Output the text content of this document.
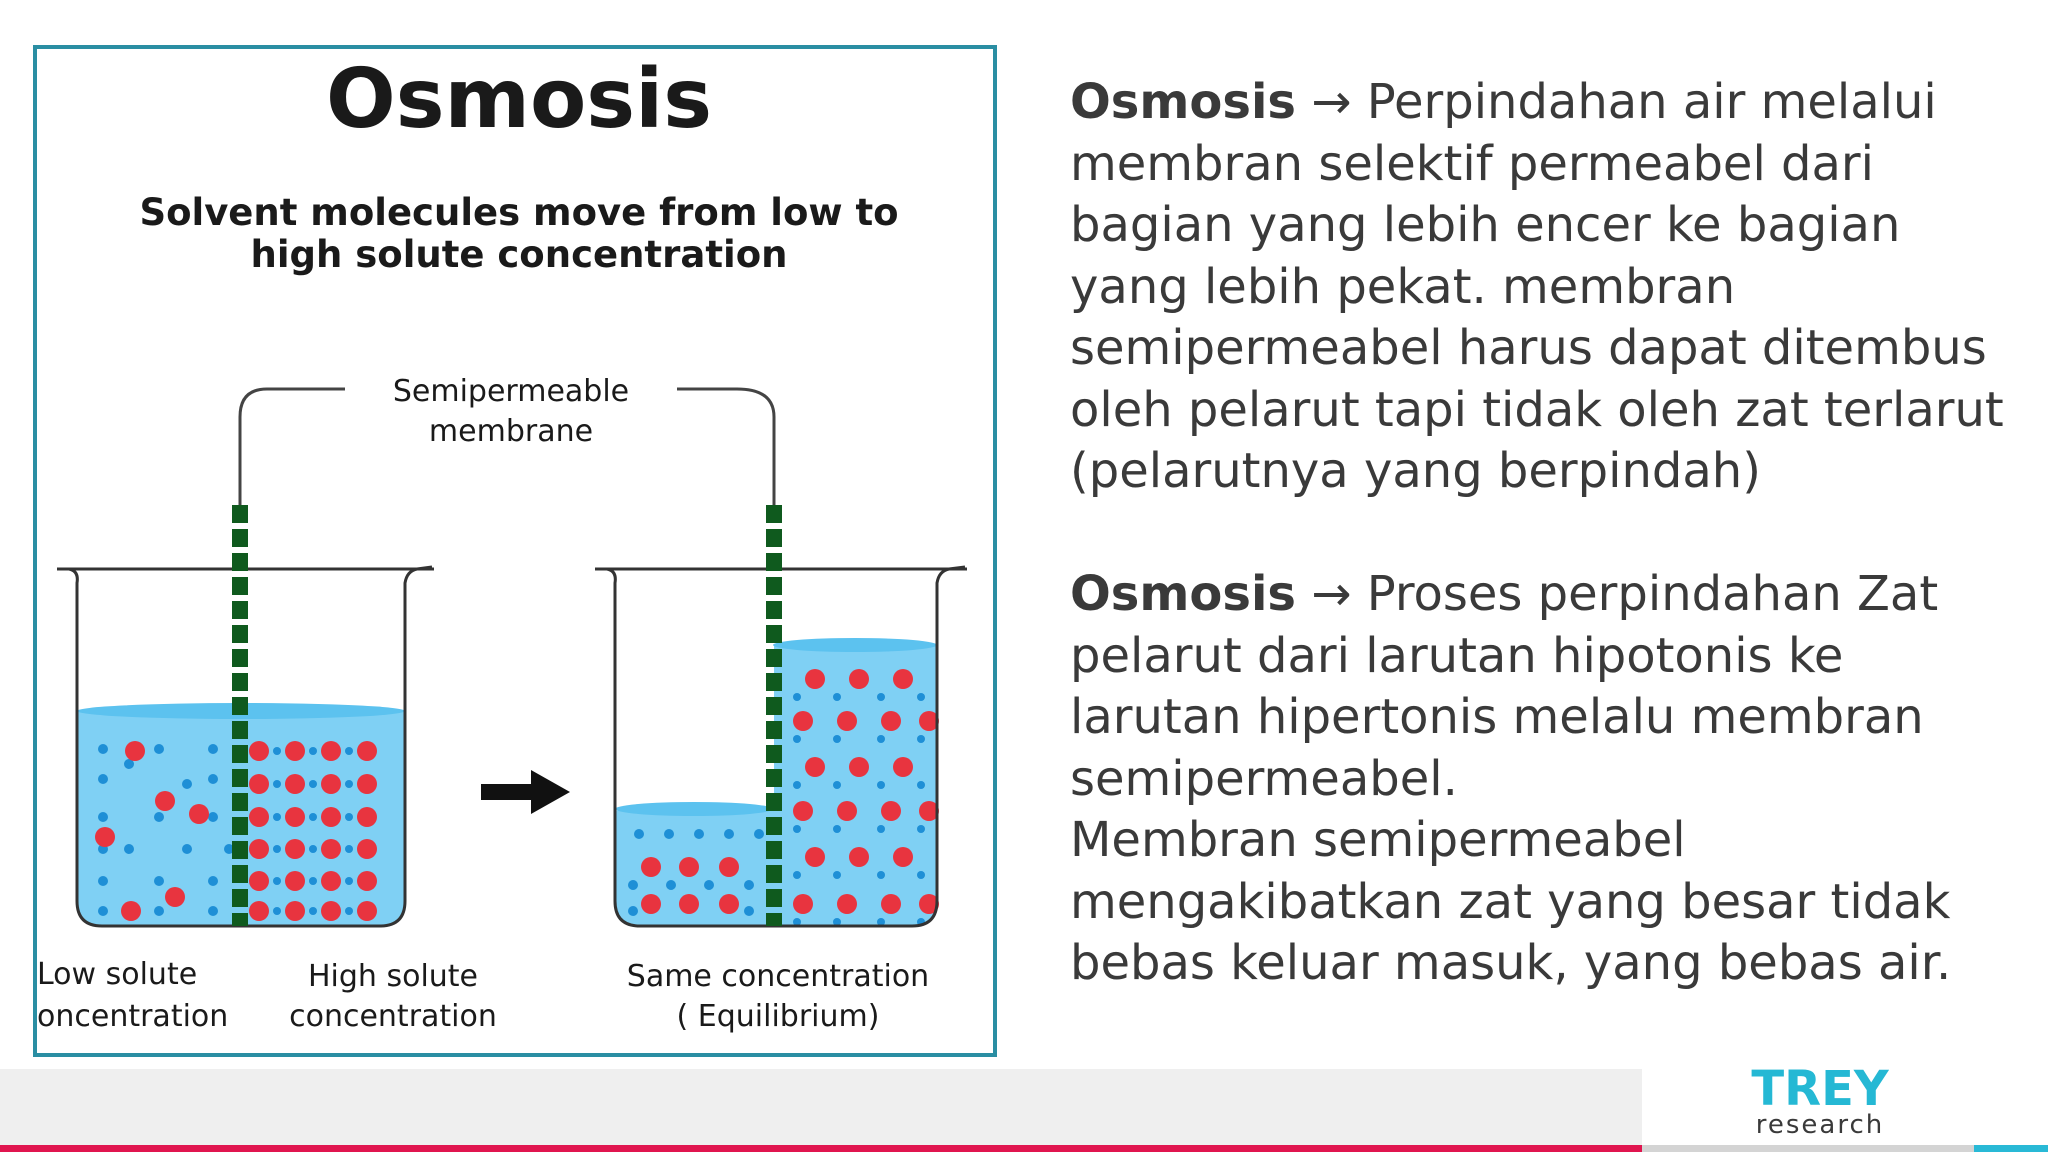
TREY
research
Osmosis
Solvent molecules move from low to
high solute concentration
Semipermeable
membrane
Low solute
oncentration
High solute
concentration
Same concentration
( Equilibrium)

Osmosis → Perpindahan air melalui membran selektif permeabel dari bagian yang lebih encer ke bagian yang lebih pekat. membran semipermeabel harus dapat ditembus oleh pelarut tapi tidak oleh zat terlarut (pelarutnya yang berpindah)

Osmosis → Proses perpindahan Zat pelarut dari larutan hipotonis ke larutan hipertonis melalu membran semipermeabel.

Membran semipermeabel mengakibatkan zat yang besar tidak bebas keluar masuk, yang bebas air.
